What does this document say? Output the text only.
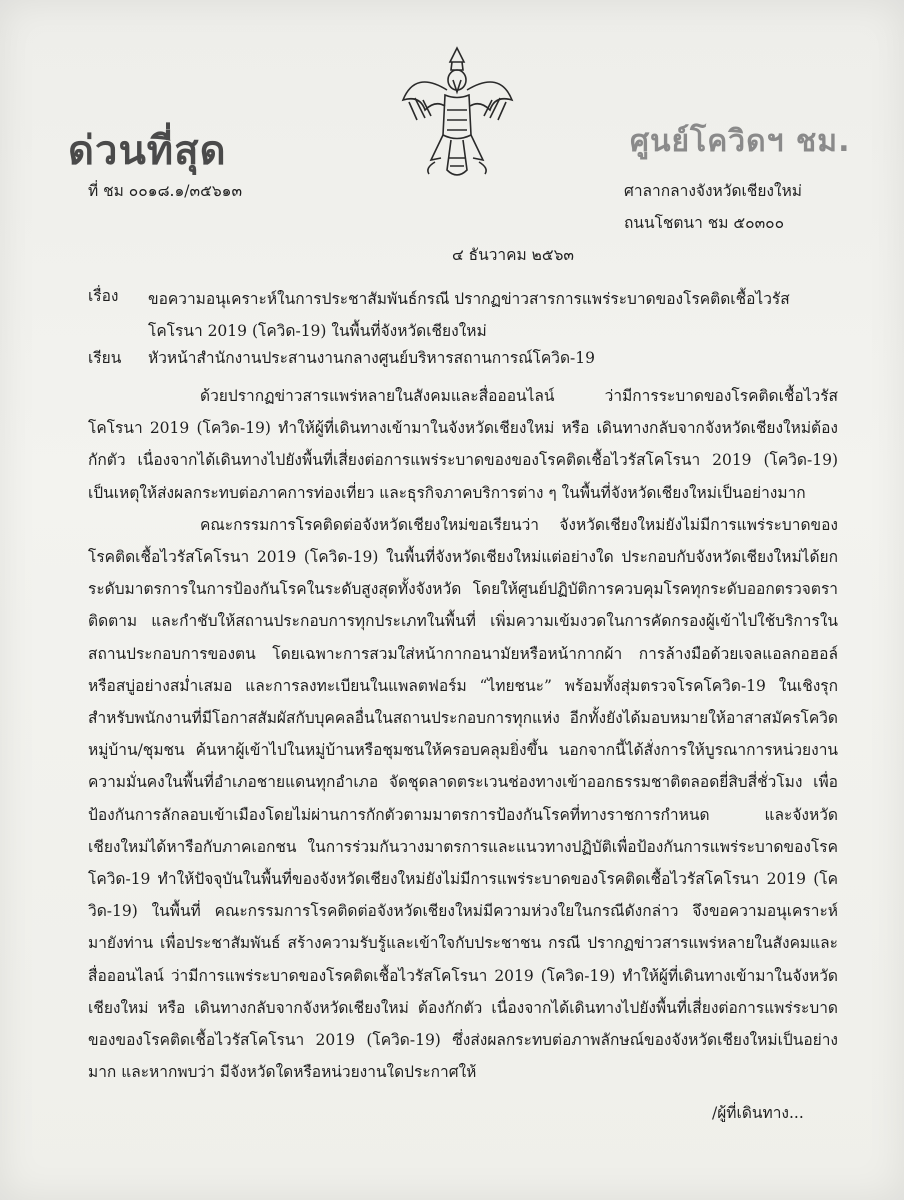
ด่วนที่สุด	ศูนย์โควิดฯ ชม.
ที่ ชม ๐๐๑๘.๑/๓๕๖๑๓	ศาลากลางจังหวัดเชียงใหม่
ถนนโชตนา ชม ๕๐๓๐๐
๔ ธันวาคม ๒๕๖๓
เรื่อง ขอความอนุเคราะห์ในการประชาสัมพันธ์กรณี ปรากฏข่าวสารการแพร่ระบาดของโรคติดเชื้อไวรัสโคโรนา 2019 (โควิด-19) ในพื้นที่จังหวัดเชียงใหม่
เรียน หัวหน้าสำนักงานประสานงานกลางศูนย์บริหารสถานการณ์โควิด-19

ด้วยปรากฏข่าวสารแพร่หลายในสังคมและสื่อออนไลน์ ว่ามีการระบาดของโรคติดเชื้อไวรัสโคโรนา 2019 (โควิด-19) ทำให้ผู้ที่เดินทางเข้ามาในจังหวัดเชียงใหม่ หรือ เดินทางกลับจากจังหวัดเชียงใหม่ต้องกักตัว เนื่องจากได้เดินทางไปยังพื้นที่เสี่ยงต่อการแพร่ระบาดของของโรคติดเชื้อไวรัสโคโรนา 2019 (โควิด-19) เป็นเหตุให้ส่งผลกระทบต่อภาคการท่องเที่ยว และธุรกิจภาคบริการต่าง ๆ ในพื้นที่จังหวัดเชียงใหม่เป็นอย่างมาก

คณะกรรมการโรคติดต่อจังหวัดเชียงใหม่ขอเรียนว่า จังหวัดเชียงใหม่ยังไม่มีการแพร่ระบาดของโรคติดเชื้อไวรัสโคโรนา 2019 (โควิด-19) ในพื้นที่จังหวัดเชียงใหม่แต่อย่างใด ประกอบกับจังหวัดเชียงใหม่ได้ยกระดับมาตรการในการป้องกันโรคในระดับสูงสุดทั้งจังหวัด โดยให้ศูนย์ปฏิบัติการควบคุมโรคทุกระดับออกตรวจตรา ติดตาม และกำชับให้สถานประกอบการทุกประเภทในพื้นที่ เพิ่มความเข้มงวดในการคัดกรองผู้เข้าไปใช้บริการในสถานประกอบการของตน โดยเฉพาะการสวมใส่หน้ากากอนามัยหรือหน้ากากผ้า การล้างมือด้วยเจลแอลกอฮอล์หรือสบู่อย่างสม่ำเสมอ และการลงทะเบียนในแพลตฟอร์ม “ไทยชนะ” พร้อมทั้งสุ่มตรวจโรคโควิด-19 ในเชิงรุกสำหรับพนักงานที่มีโอกาสสัมผัสกับบุคคลอื่นในสถานประกอบการทุกแห่ง อีกทั้งยังได้มอบหมายให้อาสาสมัครโควิดหมู่บ้าน/ชุมชน ค้นหาผู้เข้าไปในหมู่บ้านหรือชุมชนให้ครอบคลุมยิ่งขึ้น นอกจากนี้ได้สั่งการให้บูรณาการหน่วยงานความมั่นคงในพื้นที่อำเภอชายแดนทุกอำเภอ จัดชุดลาดตระเวนช่องทางเข้าออกธรรมชาติตลอดยี่สิบสี่ชั่วโมง เพื่อป้องกันการลักลอบเข้าเมืองโดยไม่ผ่านการกักตัวตามมาตรการป้องกันโรคที่ทางราชการกำหนด และจังหวัดเชียงใหม่ได้หารือกับภาคเอกชน ในการร่วมกันวางมาตรการและแนวทางปฏิบัติเพื่อป้องกันการแพร่ระบาดของโรคโควิด-19 ทำให้ปัจจุบันในพื้นที่ของจังหวัดเชียงใหม่ยังไม่มีการแพร่ระบาดของโรคติดเชื้อไวรัสโคโรนา 2019 (โควิด-19) ในพื้นที่ คณะกรรมการโรคติดต่อจังหวัดเชียงใหม่มีความห่วงใยในกรณีดังกล่าว จึงขอความอนุเคราะห์มายังท่าน เพื่อประชาสัมพันธ์ สร้างความรับรู้และเข้าใจกับประชาชน กรณี ปรากฏข่าวสารแพร่หลายในสังคมและสื่อออนไลน์ ว่ามีการแพร่ระบาดของโรคติดเชื้อไวรัสโคโรนา 2019 (โควิด-19) ทำให้ผู้ที่เดินทางเข้ามาในจังหวัดเชียงใหม่ หรือ เดินทางกลับจากจังหวัดเชียงใหม่ ต้องกักตัว เนื่องจากได้เดินทางไปยังพื้นที่เสี่ยงต่อการแพร่ระบาดของของโรคติดเชื้อไวรัสโคโรนา 2019 (โควิด-19) ซึ่งส่งผลกระทบต่อภาพลักษณ์ของจังหวัดเชียงใหม่เป็นอย่างมาก และหากพบว่า มีจังหวัดใดหรือหน่วยงานใดประกาศให้

/ผู้ที่เดินทาง...
